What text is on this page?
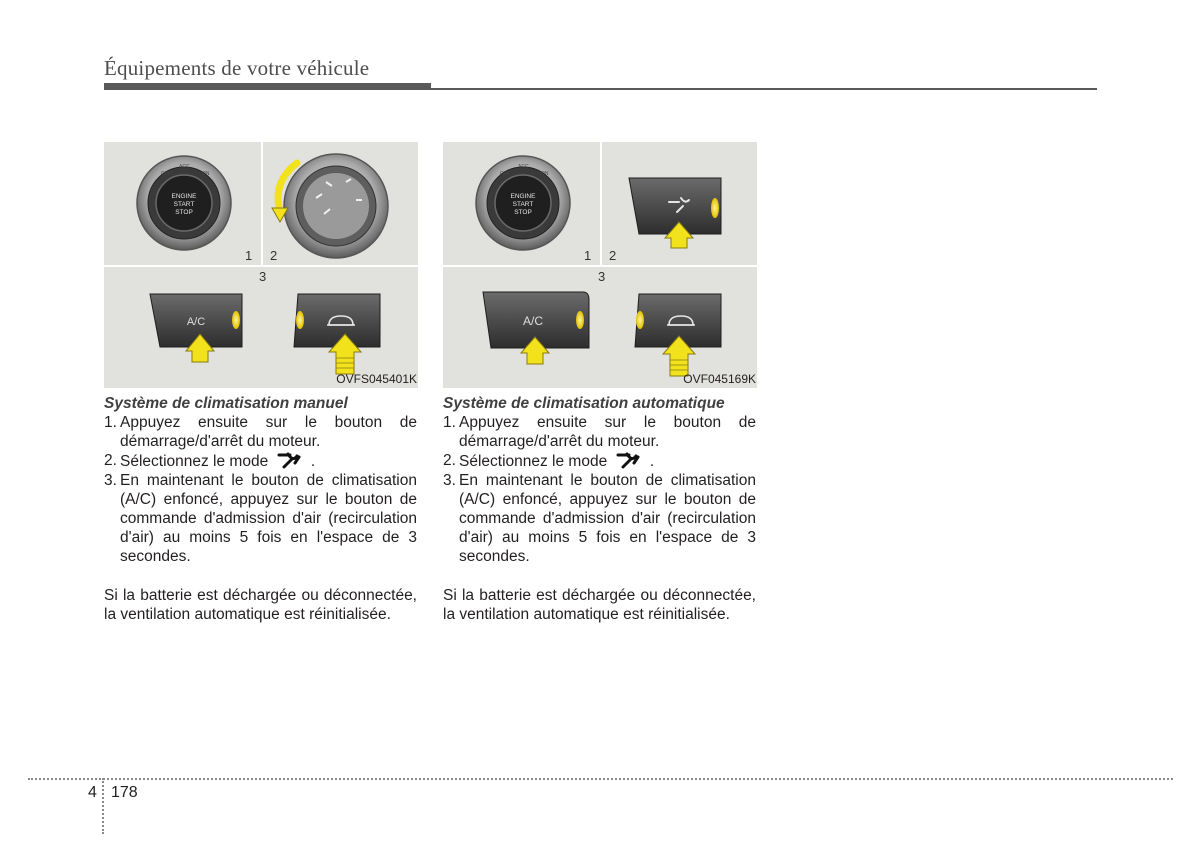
Équipements de votre véhicule
ENGINE
START
STOP
OFF
ACC
ON
1 2
3
A/C
OVFS045401K
ENGINE
START
STOP
OFF
ACC
ON
1 2
3
A/C
OVF045169K

Système de climatisation manuel

1. Appuyez ensuite sur le bouton de démarrage/d'arrêt du moteur.
2. Sélectionnez le mode	.
3. En maintenant le bouton de climatisation (A/C) enfoncé, appuyez sur le bouton de commande d'admission d'air (recirculation d'air) au moins 5 fois en l'espace de 3 secondes.

Si la batterie est déchargée ou déconnectée, la ventilation automatique est réinitialisée.

Système de climatisation automatique

1. Appuyez ensuite sur le bouton de démarrage/d'arrêt du moteur.
2. Sélectionnez le mode	.
3. En maintenant le bouton de climatisation (A/C) enfoncé, appuyez sur le bouton de commande d'admission d'air (recirculation d'air) au moins 5 fois en l'espace de 3 secondes.

Si la batterie est déchargée ou déconnectée, la ventilation automatique est réinitialisée.

4 178
